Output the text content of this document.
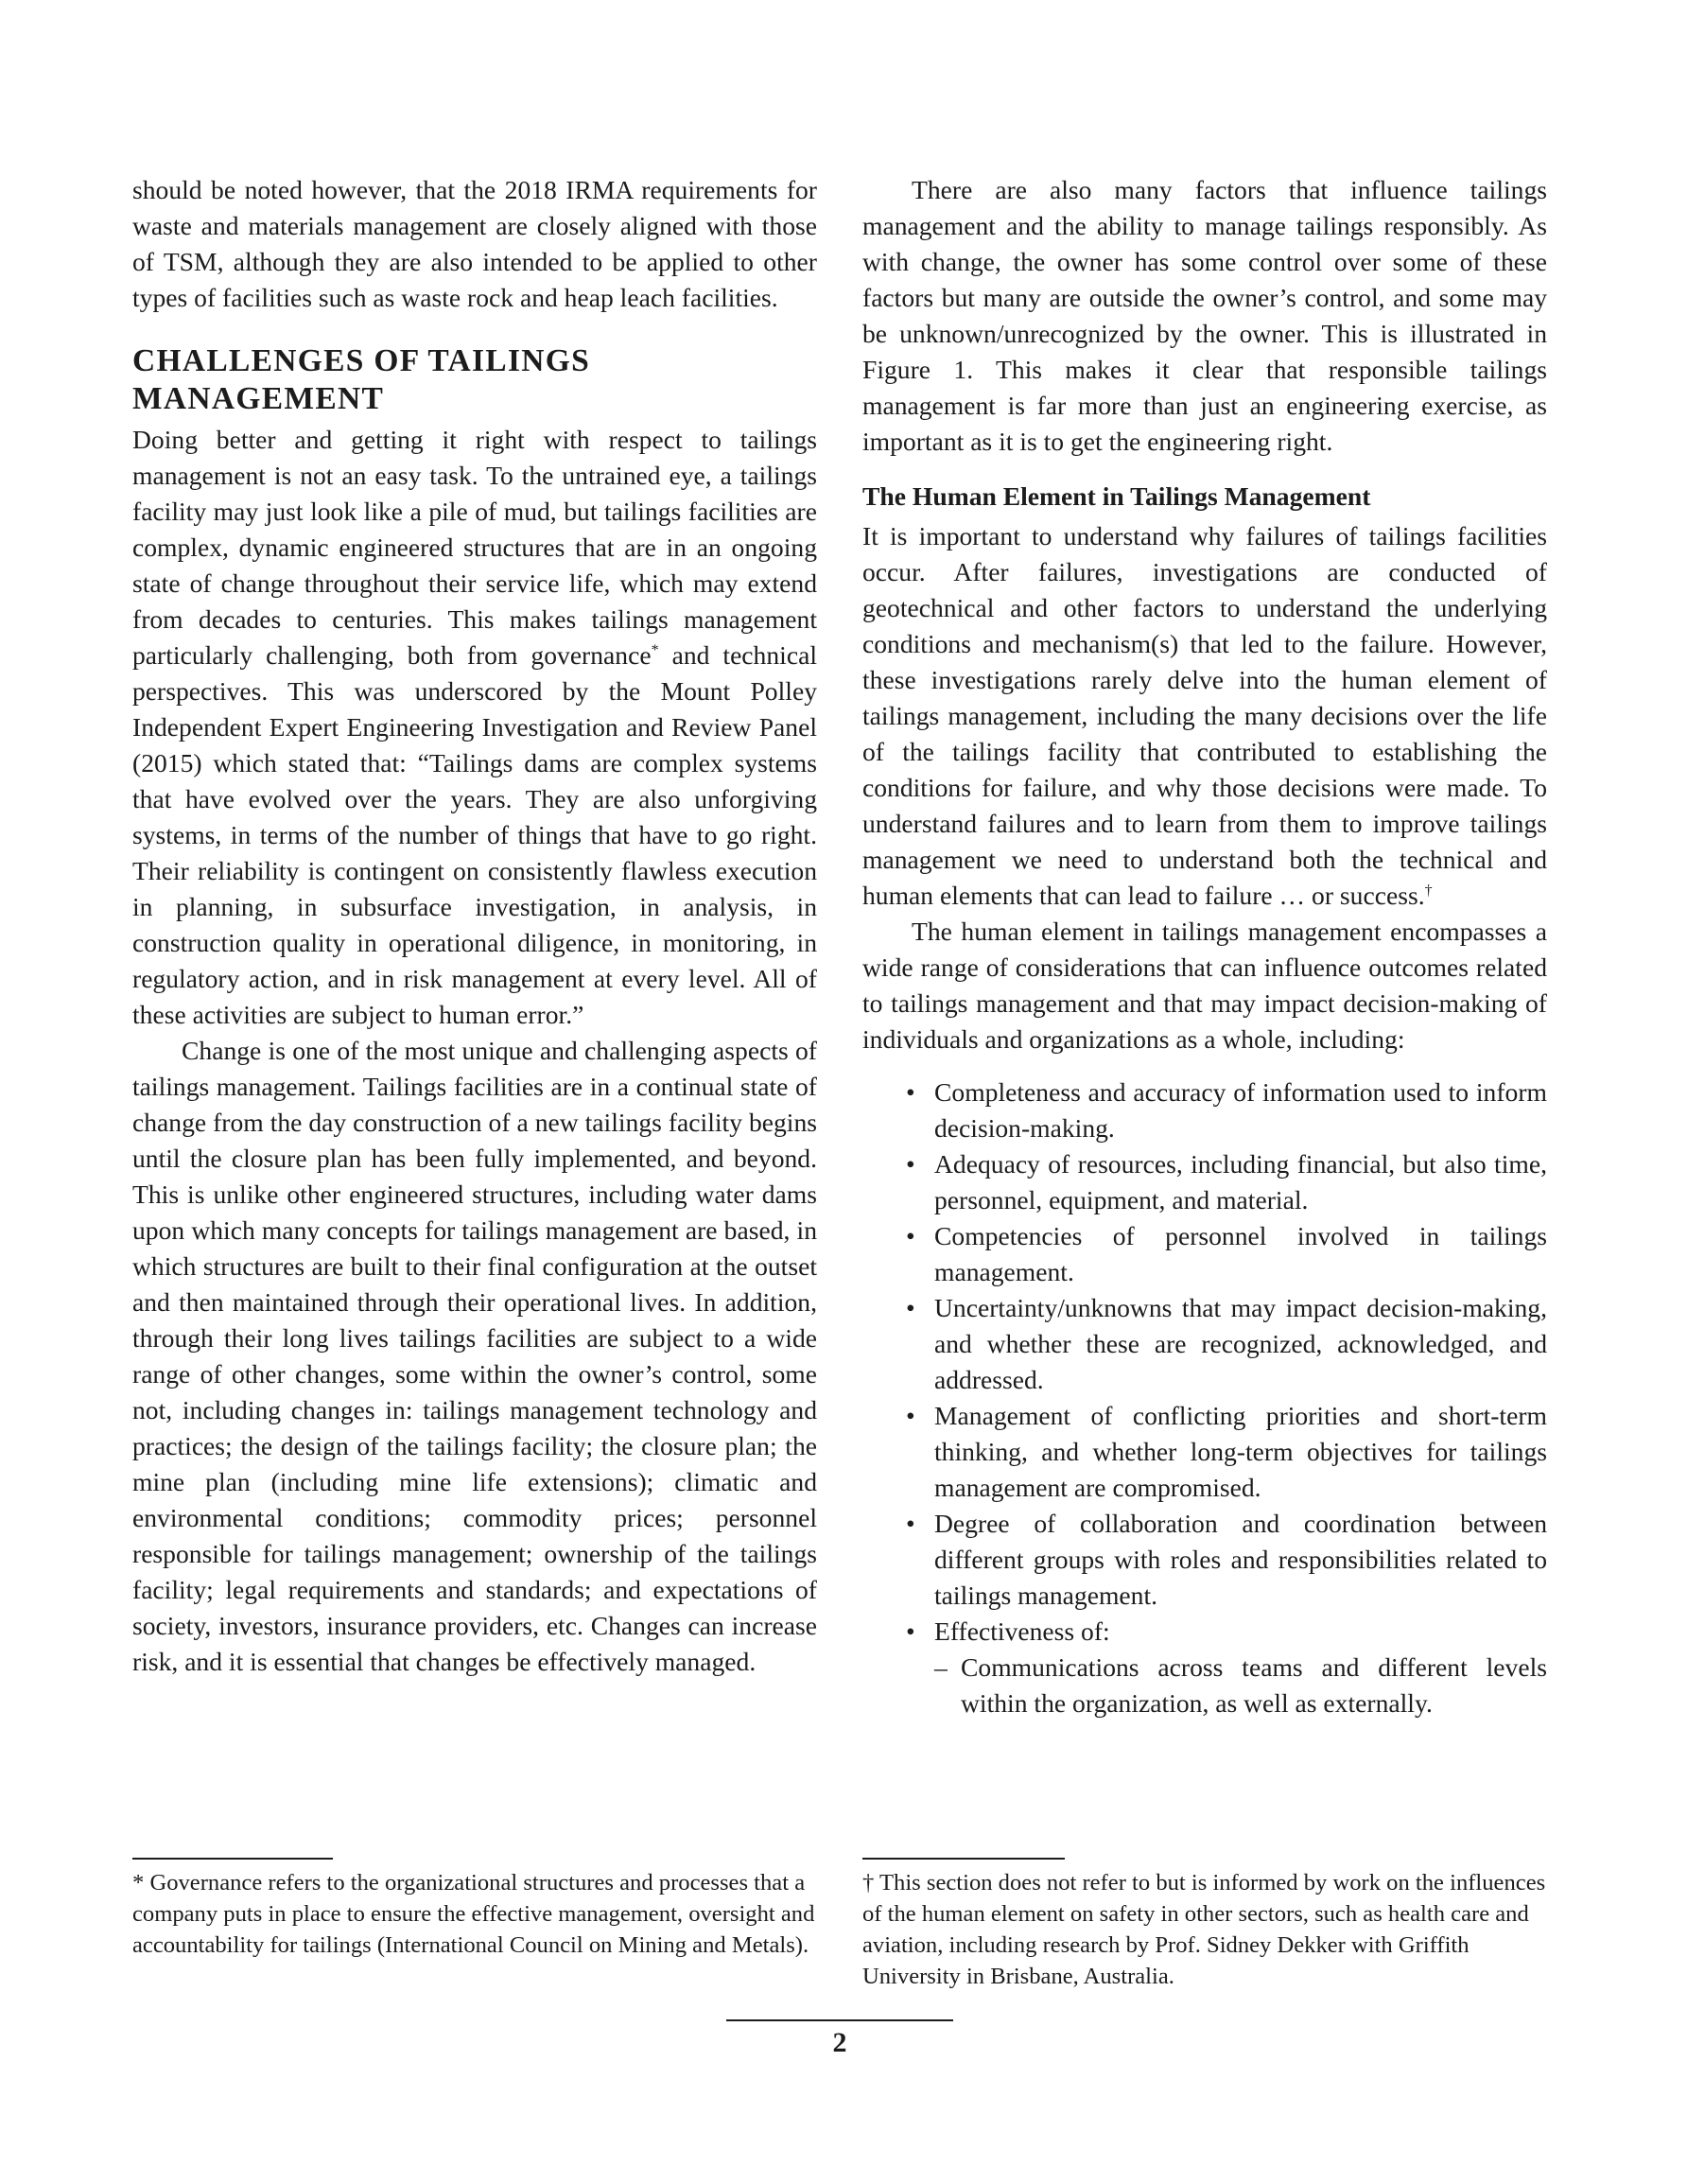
should be noted however, that the 2018 IRMA requirements for waste and materials management are closely aligned with those of TSM, although they are also intended to be applied to other types of facilities such as waste rock and heap leach facilities.

CHALLENGES OF TAILINGS MANAGEMENT

Doing better and getting it right with respect to tailings management is not an easy task. To the untrained eye, a tailings facility may just look like a pile of mud, but tailings facilities are complex, dynamic engineered structures that are in an ongoing state of change throughout their service life, which may extend from decades to centuries. This makes tailings management particularly challenging, both from governance* and technical perspectives. This was underscored by the Mount Polley Independent Expert Engineering Investigation and Review Panel (2015) which stated that: “Tailings dams are complex systems that have evolved over the years. They are also unforgiving systems, in terms of the number of things that have to go right. Their reliability is contingent on consistently flawless execution in planning, in subsurface investigation, in analysis, in construction quality in operational diligence, in monitoring, in regulatory action, and in risk management at every level. All of these activities are subject to human error.”

Change is one of the most unique and challenging aspects of tailings management. Tailings facilities are in a continual state of change from the day construction of a new tailings facility begins until the closure plan has been fully implemented, and beyond. This is unlike other engineered structures, including water dams upon which many concepts for tailings management are based, in which structures are built to their final configuration at the outset and then maintained through their operational lives. In addition, through their long lives tailings facilities are subject to a wide range of other changes, some within the owner’s control, some not, including changes in: tailings management technology and practices; the design of the tailings facility; the closure plan; the mine plan (including mine life extensions); climatic and environmental conditions; commodity prices; personnel responsible for tailings management; ownership of the tailings facility; legal requirements and standards; and expectations of society, investors, insurance providers, etc. Changes can increase risk, and it is essential that changes be effectively managed.

* Governance refers to the organizational structures and processes that a company puts in place to ensure the effective management, oversight and accountability for tailings (International Council on Mining and Metals).

There are also many factors that influence tailings management and the ability to manage tailings responsibly. As with change, the owner has some control over some of these factors but many are outside the owner’s control, and some may be unknown/unrecognized by the owner. This is illustrated in Figure 1. This makes it clear that responsible tailings management is far more than just an engineering exercise, as important as it is to get the engineering right.

The Human Element in Tailings Management

It is important to understand why failures of tailings facilities occur. After failures, investigations are conducted of geotechnical and other factors to understand the underlying conditions and mechanism(s) that led to the failure. However, these investigations rarely delve into the human element of tailings management, including the many decisions over the life of the tailings facility that contributed to establishing the conditions for failure, and why those decisions were made. To understand failures and to learn from them to improve tailings management we need to understand both the technical and human elements that can lead to failure … or success.†

The human element in tailings management encompasses a wide range of considerations that can influence outcomes related to tailings management and that may impact decision-making of individuals and organizations as a whole, including:

• Completeness and accuracy of information used to inform decision-making.
• Adequacy of resources, including financial, but also time, personnel, equipment, and material.
• Competencies of personnel involved in tailings management.
• Uncertainty/unknowns that may impact decision-making, and whether these are recognized, acknowledged, and addressed.
• Management of conflicting priorities and short-term thinking, and whether long-term objectives for tailings management are compromised.
• Degree of collaboration and coordination between different groups with roles and responsibilities related to tailings management.
• Effectiveness of:
– Communications across teams and different levels within the organization, as well as externally.

† This section does not refer to but is informed by work on the influences of the human element on safety in other sectors, such as health care and aviation, including research by Prof. Sidney Dekker with Griffith University in Brisbane, Australia.

2
